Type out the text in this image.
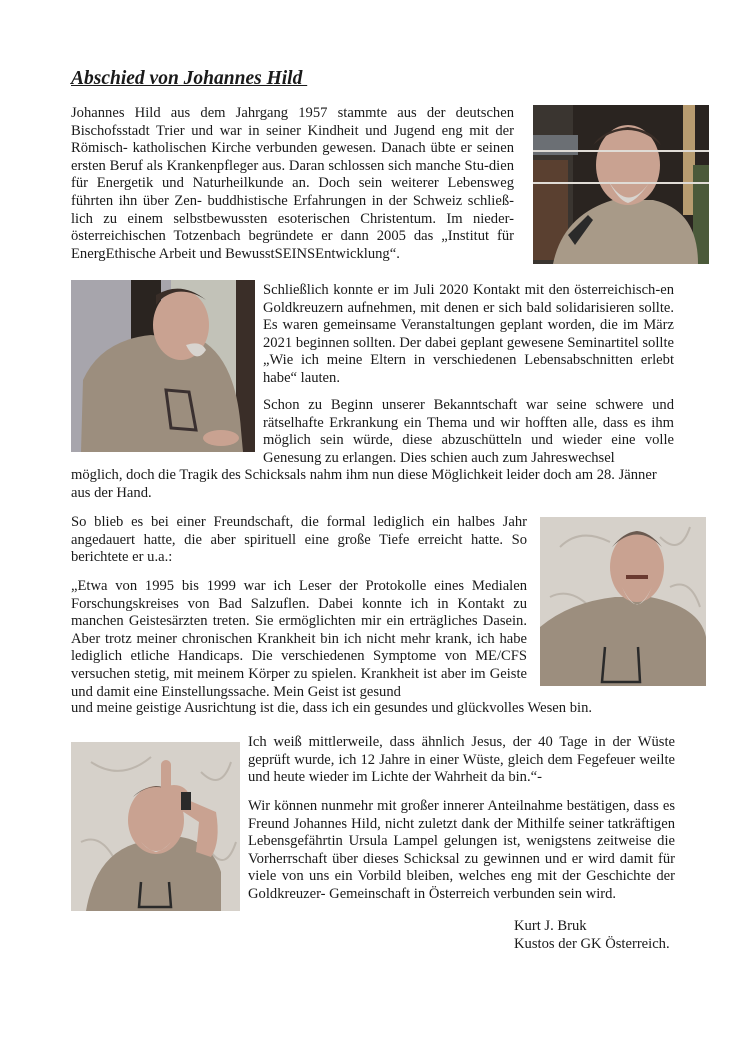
Abschied von Johannes Hild

Johannes Hild aus dem Jahrgang 1957 stammte aus der deutschen Bischofsstadt Trier und war in seiner Kindheit und Jugend eng mit der Römisch- katholischen Kirche verbunden gewesen. Danach übte er seinen ersten Beruf als Krankenpfleger aus. Daran schlossen sich manche Stu-dien für Energetik und Naturheilkunde an. Doch sein weiterer Lebensweg führten ihn über Zen- buddhistische Erfahrungen in der Schweiz schließ-lich zu einem selbstbewussten esoterischen Christentum. Im nieder-österreichischen Totzenbach begründete er dann 2005 das „Institut für EnergEthische Arbeit und BewusstSEINSEntwicklung“.

Schließlich konnte er im Juli 2020 Kontakt mit den österreichisch-en Goldkreuzern aufnehmen, mit denen er sich bald solidarisieren sollte. Es waren gemeinsame Veranstaltungen geplant worden, die im März 2021 beginnen sollten. Der dabei geplant gewesene Seminartitel sollte „Wie ich meine Eltern in verschiedenen Lebensabschnitten erlebt habe“ lauten.

Schon zu Beginn unserer Bekanntschaft war seine schwere und rätselhafte Erkrankung ein Thema und wir hofften alle, dass es ihm möglich sein würde, diese abzuschütteln und wieder eine volle Genesung zu erlangen. Dies schien auch zum Jahreswechsel

möglich, doch die Tragik des Schicksals nahm ihm nun diese Möglichkeit leider doch am 28. Jänner aus der Hand.

So blieb es bei einer Freundschaft, die formal lediglich ein halbes Jahr angedauert hatte, die aber spirituell eine große Tiefe erreicht hatte. So berichtete er u.a.:

„Etwa von 1995 bis 1999 war ich Leser der Protokolle eines Medialen Forschungskreises von Bad Salzuflen. Dabei konnte ich in Kontakt zu manchen Geistesärzten treten. Sie ermöglichten mir ein erträgliches Dasein. Aber trotz meiner chronischen Krankheit bin ich nicht mehr krank, ich habe lediglich etliche Handicaps. Die verschiedenen Symptome von ME/CFS versuchen stetig, mit meinem Körper zu spielen. Krankheit ist aber im Geiste und damit eine Einstellungssache. Mein Geist ist gesund

und meine geistige Ausrichtung ist die, dass ich ein gesundes und glückvolles Wesen bin.

Ich weiß mittlerweile, dass ähnlich Jesus, der 40 Tage in der Wüste geprüft wurde, ich 12 Jahre in einer Wüste, gleich dem Fegefeuer weilte und heute wieder im Lichte der Wahrheit da bin.“-

Wir können nunmehr mit großer innerer Anteilnahme bestätigen, dass es Freund Johannes Hild, nicht zuletzt dank der Mithilfe seiner tatkräftigen Lebensgefährtin Ursula Lampel gelungen ist, wenigstens zeitweise die Vorherrschaft über dieses Schicksal zu gewinnen und er wird damit für viele von uns ein Vorbild bleiben, welches eng mit der Geschichte der Goldkreuzer- Gemeinschaft in Österreich verbunden sein wird.

Kurt J. Bruk
Kustos der GK Österreich.
